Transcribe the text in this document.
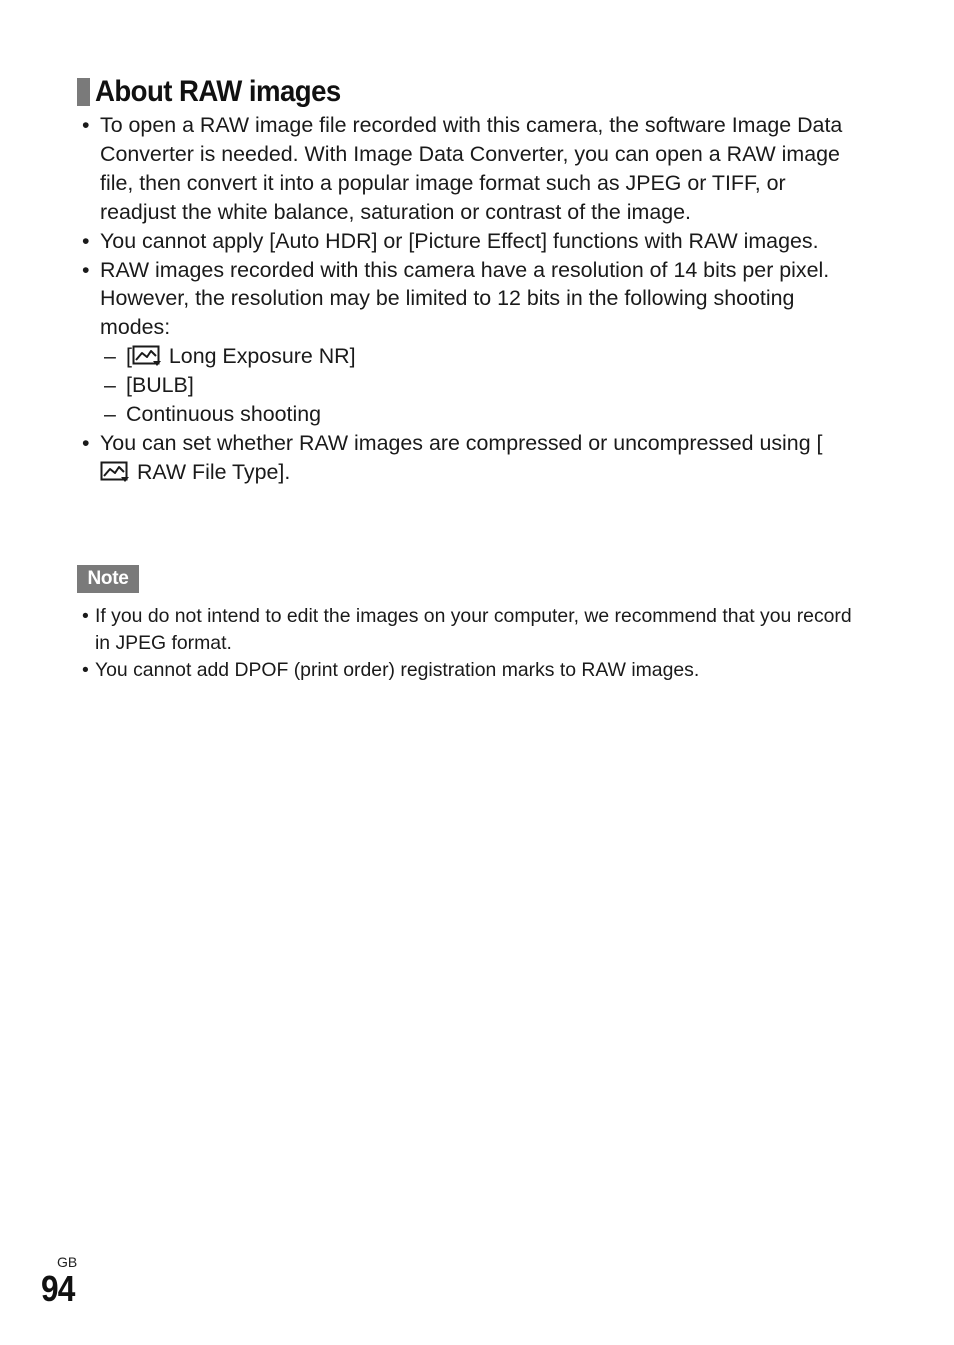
About RAW images
• To open a RAW image file recorded with this camera, the software Image Data Converter is needed. With Image Data Converter, you can open a RAW image file, then convert it into a popular image format such as JPEG or TIFF, or readjust the white balance, saturation or contrast of the image.
• You cannot apply [Auto HDR] or [Picture Effect] functions with RAW images.
• RAW images recorded with this camera have a resolution of 14 bits per pixel. However, the resolution may be limited to 12 bits in the following shooting modes:
– [ Long Exposure NR]
– [BULB]
– Continuous shooting
• You can set whether RAW images are compressed or uncompressed using [ RAW File Type].
Note
• If you do not intend to edit the images on your computer, we recommend that you record in JPEG format.
• You cannot add DPOF (print order) registration marks to RAW images.
GB
94
